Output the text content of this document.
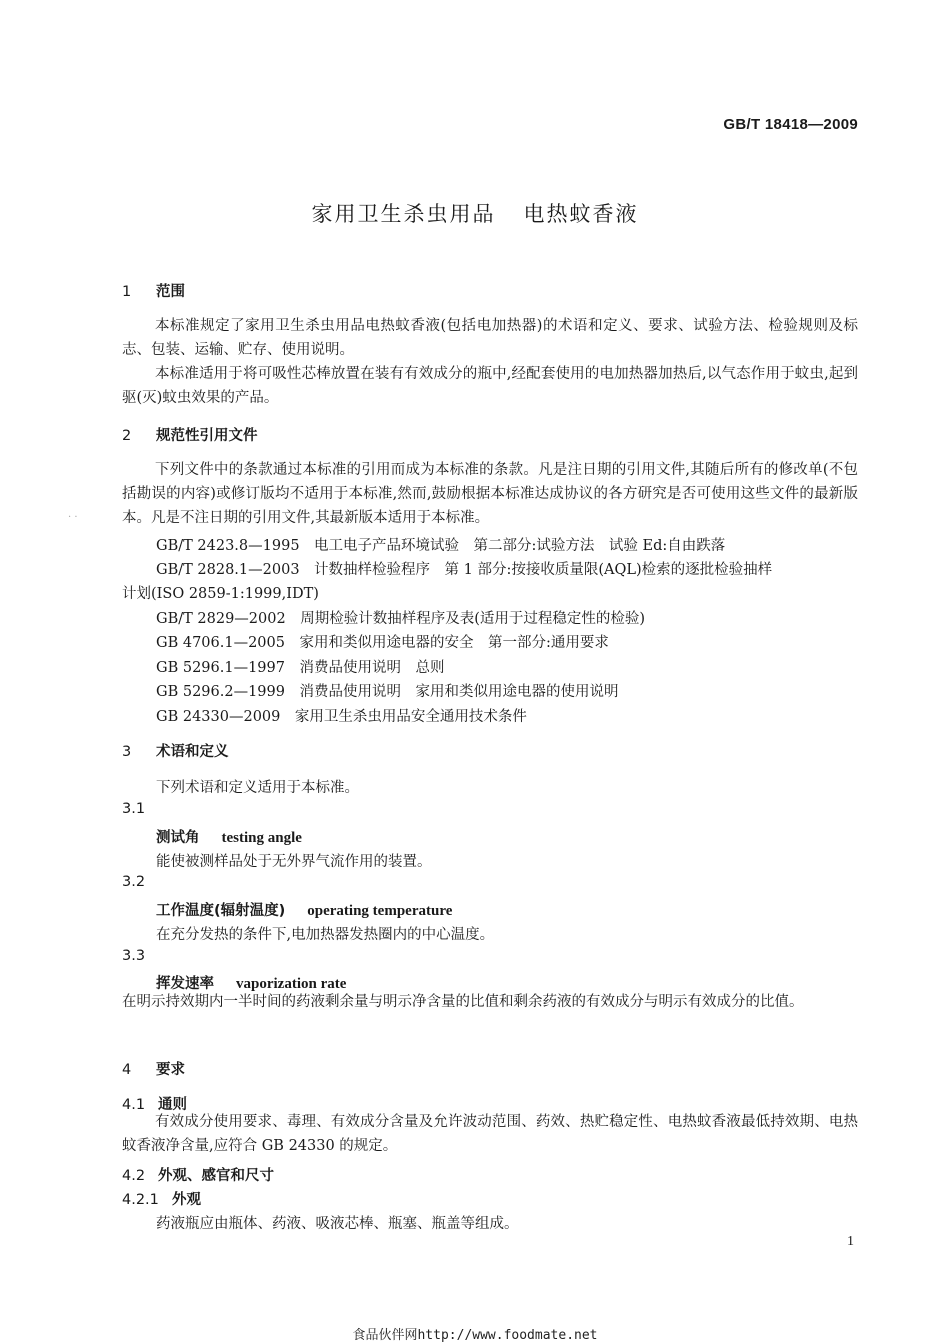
GB/T 18418—2009
家用卫生杀虫用品 电热蚊香液
1 范围
本标准规定了家用卫生杀虫用品电热蚊香液(包括电加热器)的术语和定义、要求、试验方法、检验规则及标志、包装、运输、贮存、使用说明。
本标准适用于将可吸性芯棒放置在装有有效成分的瓶中,经配套使用的电加热器加热后,以气态作用于蚊虫,起到驱(灭)蚊虫效果的产品。
2 规范性引用文件
下列文件中的条款通过本标准的引用而成为本标准的条款。凡是注日期的引用文件,其随后所有的修改单(不包括勘误的内容)或修订版均不适用于本标准,然而,鼓励根据本标准达成协议的各方研究是否可使用这些文件的最新版本。凡是不注日期的引用文件,其最新版本适用于本标准。
GB/T 2423.8—1995　电工电子产品环境试验　第二部分:试验方法　试验 Ed:自由跌落
GB/T 2828.1—2003　计数抽样检验程序　第 1 部分:按接收质量限(AQL)检索的逐批检验抽样
计划(ISO 2859-1:1999,IDT)
GB/T 2829—2002　周期检验计数抽样程序及表(适用于过程稳定性的检验)
GB 4706.1—2005　家用和类似用途电器的安全　第一部分:通用要求
GB 5296.1—1997　消费品使用说明　总则
GB 5296.2—1999　消费品使用说明　家用和类似用途电器的使用说明
GB 24330—2009　家用卫生杀虫用品安全通用技术条件
· ·
3 术语和定义
下列术语和定义适用于本标准。
3.1
测试角 testing angle
能使被测样品处于无外界气流作用的装置。
3.2
工作温度(辐射温度) operating temperature
在充分发热的条件下,电加热器发热圈内的中心温度。
3.3
挥发速率 vaporization rate
在明示持效期内一半时间的药液剩余量与明示净含量的比值和剩余药液的有效成分与明示有效成分的比值。
4 要求
4.1 通则
有效成分使用要求、毒理、有效成分含量及允许波动范围、药效、热贮稳定性、电热蚊香液最低持效期、电热蚊香液净含量,应符合 GB 24330 的规定。
4.2 外观、感官和尺寸
4.2.1 外观
药液瓶应由瓶体、药液、吸液芯棒、瓶塞、瓶盖等组成。
1
食品伙伴网http://www.foodmate.net
